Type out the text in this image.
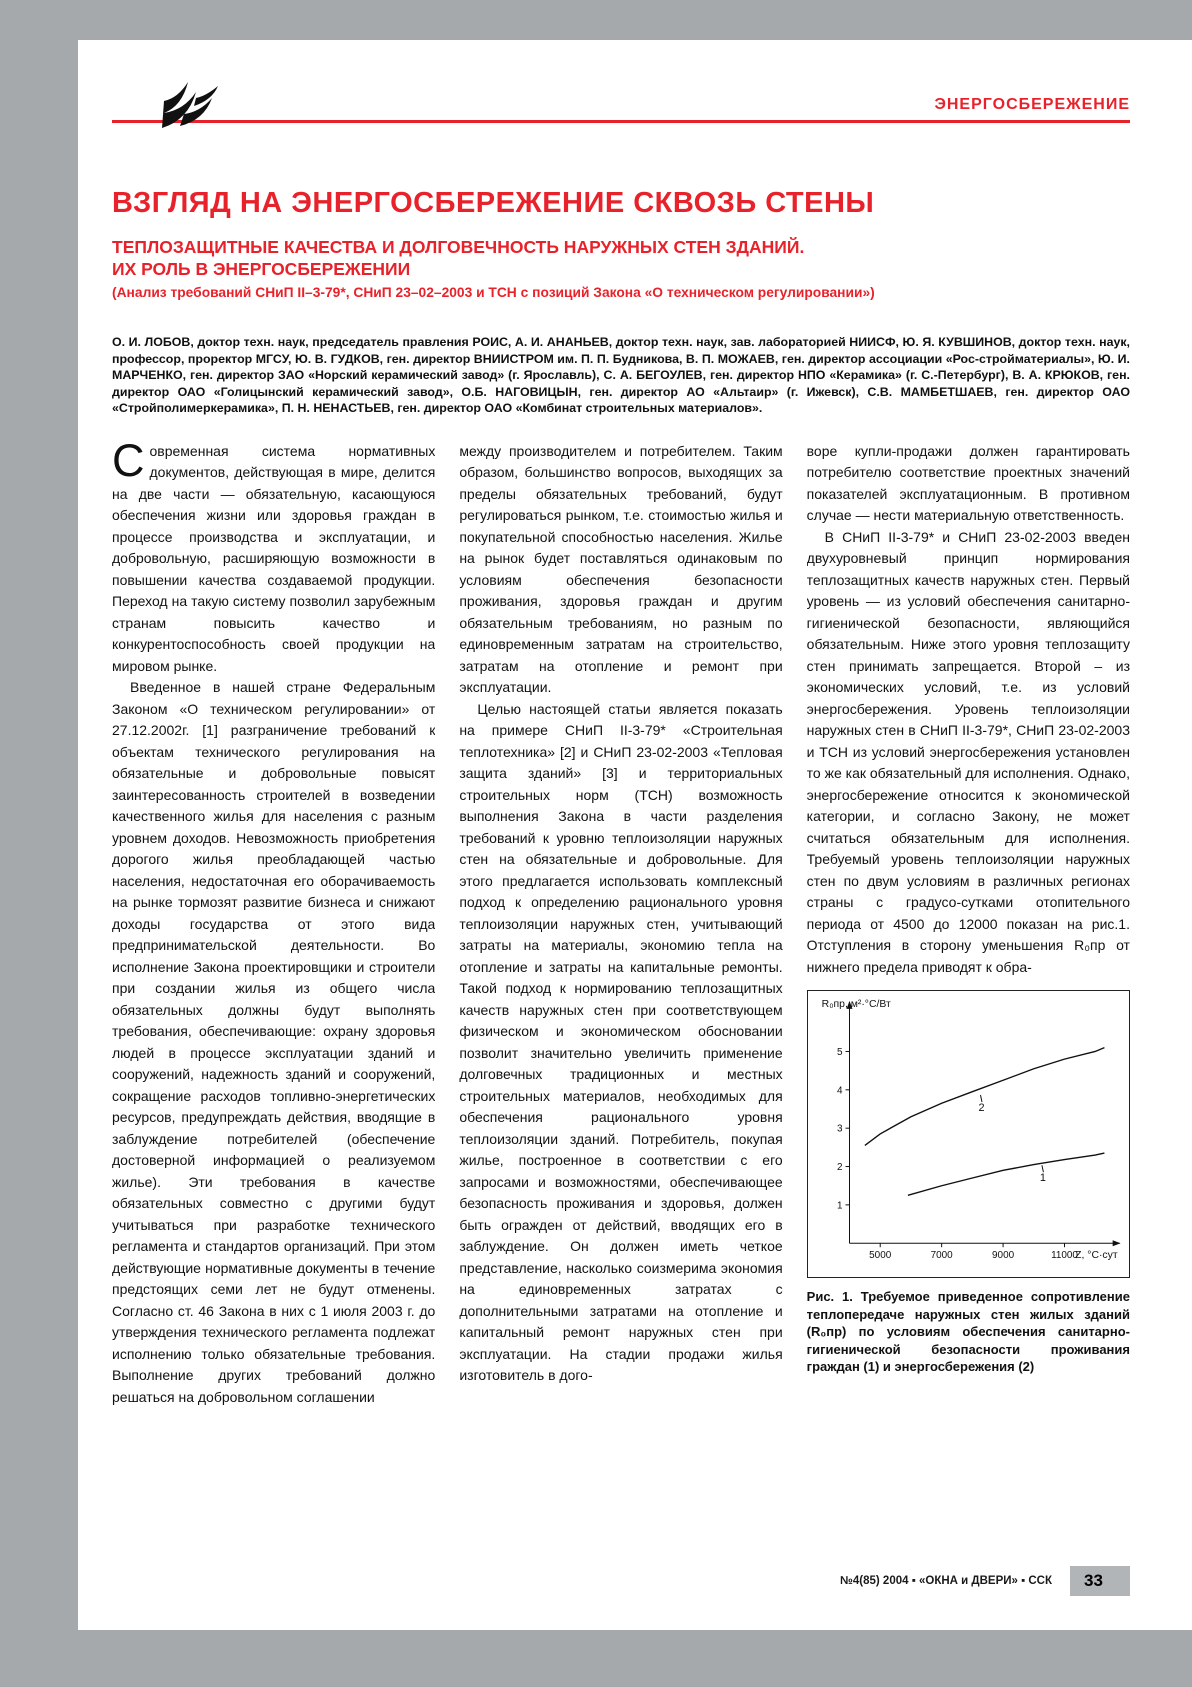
ЭНЕРГОСБЕРЕЖЕНИЕ
ВЗГЛЯД НА ЭНЕРГОСБЕРЕЖЕНИЕ СКВОЗЬ СТЕНЫ
ТЕПЛОЗАЩИТНЫЕ КАЧЕСТВА И ДОЛГОВЕЧНОСТЬ НАРУЖНЫХ СТЕН ЗДАНИЙ.
ИХ РОЛЬ В ЭНЕРГОСБЕРЕЖЕНИИ
(Анализ требований СНиП II–3-79*, СНиП 23–02–2003 и ТСН с позиций Закона «О техническом регулировании»)
О. И. ЛОБОВ, доктор техн. наук, председатель правления РОИС, А. И. АНАНЬЕВ, доктор техн. наук, зав. лабораторией НИИСФ, Ю. Я. КУВШИНОВ, доктор техн. наук, профессор, проректор МГСУ, Ю. В. ГУДКОВ, ген. директор ВНИИСТРОМ им. П. П. Будникова, В. П. МОЖАЕВ, ген. директор ассоциации «Рос-стройматериалы», Ю. И. МАРЧЕНКО, ген. директор ЗАО «Норский керамический завод» (г. Ярославль), С. А. БЕГОУЛЕВ, ген. директор НПО «Керамика» (г. С.-Петербург), В. А. КРЮКОВ, ген. директор ОАО «Голицынский керамический завод», О.Б. НАГОВИЦЫН, ген. директор АО «Альтаир» (г. Ижевск), С.В. МАМБЕТШАЕВ, ген. директор ОАО «Стройполимеркерамика», П. Н. НЕНАСТЬЕВ, ген. директор ОАО «Комбинат строительных материалов».

Современная система нормативных документов, действующая в мире, делится на две части — обязательную, касающуюся обеспечения жизни или здоровья граждан в процессе производства и эксплуатации, и добровольную, расширяющую возможности в повышении качества создаваемой продукции. Переход на такую систему позволил зарубежным странам повысить качество и конкурентоспособность своей продукции на мировом рынке.

Введенное в нашей стране Федеральным Законом «О техническом регулировании» от 27.12.2002г. [1] разграничение требований к объектам технического регулирования на обязательные и добровольные повысят заинтересованность строителей в возведении качественного жилья для населения с разным уровнем доходов. Невозможность приобретения дорогого жилья преобладающей частью населения, недостаточная его оборачиваемость на рынке тормозят развитие бизнеса и снижают доходы государства от этого вида предпринимательской деятельности. Во исполнение Закона проектировщики и строители при создании жилья из общего числа обязательных должны будут выполнять требования, обеспечивающие: охрану здоровья людей в процессе эксплуатации зданий и сооружений, надежность зданий и сооружений, сокращение расходов топливно-энергетических ресурсов, предупреждать действия, вводящие в заблуждение потребителей (обеспечение достоверной информацией о реализуемом жилье). Эти требования в качестве обязательных совместно с другими будут учитываться при разработке технического регламента и стандартов организаций. При этом действующие нормативные документы в течение предстоящих семи лет не будут отменены. Согласно ст. 46 Закона в них с 1 июля 2003 г. до утверждения технического регламента подлежат исполнению только обязательные требования. Выполнение других требований должно решаться на добровольном соглашении

между производителем и потребителем. Таким образом, большинство вопросов, выходящих за пределы обязательных требований, будут регулироваться рынком, т.е. стоимостью жилья и покупательной способностью населения. Жилье на рынок будет поставляться одинаковым по условиям обеспечения безопасности проживания, здоровья граждан и другим обязательным требованиям, но разным по единовременным затратам на строительство, затратам на отопление и ремонт при эксплуатации.

Целью настоящей статьи является показать на примере СНиП II-3-79* «Строительная теплотехника» [2] и СНиП 23-02-2003 «Тепловая защита зданий» [3] и территориальных строительных норм (ТСН) возможность выполнения Закона в части разделения требований к уровню теплоизоляции наружных стен на обязательные и добровольные. Для этого предлагается использовать комплексный подход к определению рационального уровня теплоизоляции наружных стен, учитывающий затраты на материалы, экономию тепла на отопление и затраты на капитальные ремонты. Такой подход к нормированию теплозащитных качеств наружных стен при соответствующем физическом и экономическом обосновании позволит значительно увеличить применение долговечных традиционных и местных строительных материалов, необходимых для обеспечения рационального уровня теплоизоляции зданий. Потребитель, покупая жилье, построенное в соответствии с его запросами и возможностями, обеспечивающее безопасность проживания и здоровья, должен быть огражден от действий, вводящих его в заблуждение. Он должен иметь четкое представление, насколько соизмерима экономия на единовременных затратах с дополнительными затратами на отопление и капитальный ремонт наружных стен при эксплуатации. На стадии продажи жилья изготовитель в дого-

воре купли-продажи должен гарантировать потребителю соответствие проектных значений показателей эксплуатационным. В противном случае — нести материальную ответственность.

В СНиП II-3-79* и СНиП 23-02-2003 введен двухуровневый принцип нормирования теплозащитных качеств наружных стен. Первый уровень — из условий обеспечения санитарно-гигиенической безопасности, являющийся обязательным. Ниже этого уровня теплозащиту стен принимать запрещается. Второй – из экономических условий, т.е. из условий энергосбережения. Уровень теплоизоляции наружных стен в СНиП II-3-79*, СНиП 23-02-2003 и ТСН из условий энергосбережения установлен то же как обязательный для исполнения. Однако, энергосбережение относится к экономической категории, и согласно Закону, не может считаться обязательным для исполнения. Требуемый уровень теплоизоляции наружных стен по двум условиям в различных регионах страны с градусо-сутками отопительного периода от 4500 до 12000 показан на рис.1. Отступления в сторону уменьшения R₀пр от нижнего предела приводят к обра-

1
2
3
4
5
5000	7000	9000	11000
1
2
R₀пр, м²·°С/Вт
Z, °С·сут
Рис. 1. Требуемое приведенное сопротивление теплопередаче наружных стен жилых зданий (R₀пр) по условиям обеспечения санитарно-гигиенической безопасности проживания граждан (1) и энергосбережения (2)
№4(85) 2004 ▪ «ОКНА и ДВЕРИ» ▪ ССК	33
